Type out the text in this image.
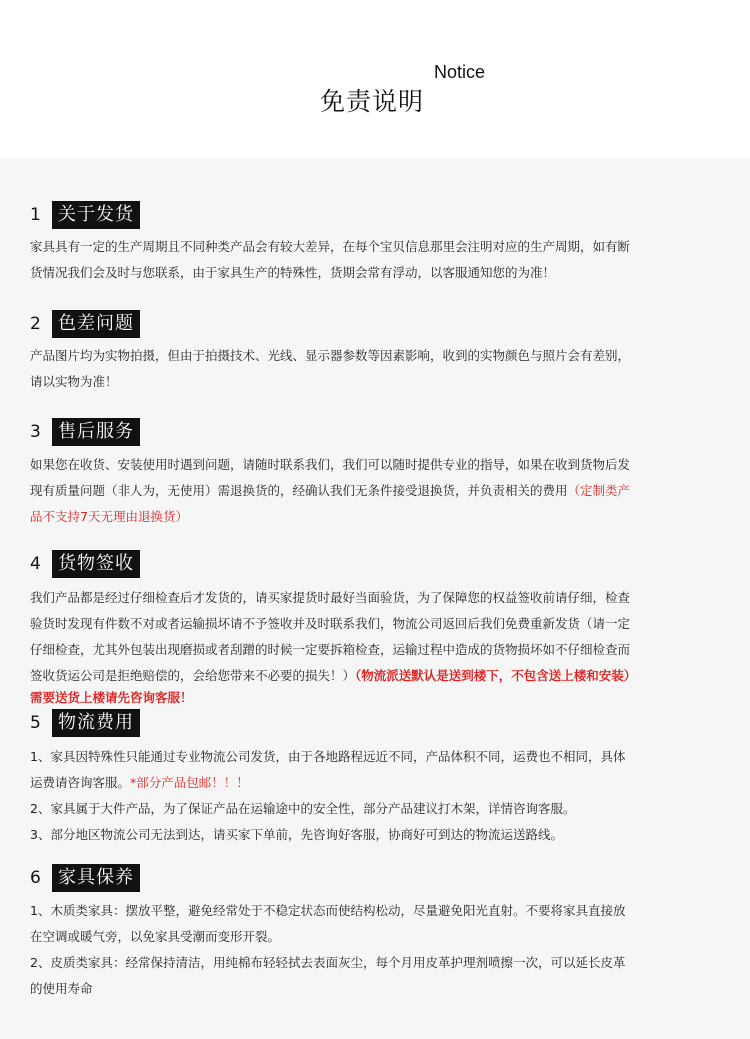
Notice
免责说明
1 关于发货
家具具有一定的生产周期且不同种类产品会有较大差异，在每个宝贝信息那里会注明对应的生产周期，如有断
货情况我们会及时与您联系，由于家具生产的特殊性，货期会常有浮动，以客服通知您的为准！
2 色差问题
产品图片均为实物拍摄，但由于拍摄技术、光线、显示器参数等因素影响，收到的实物颜色与照片会有差别，
请以实物为准！
3 售后服务
如果您在收货、安装使用时遇到问题，请随时联系我们，我们可以随时提供专业的指导，如果在收到货物后发
现有质量问题（非人为，无使用）需退换货的，经确认我们无条件接受退换货，并负责相关的费用（定制类产
品不支持7天无理由退换货）
4 货物签收
我们产品都是经过仔细检查后才发货的，请买家提货时最好当面验货，为了保障您的权益签收前请仔细，检查
验货时发现有件数不对或者运输损坏请不予签收并及时联系我们，物流公司返回后我们免费重新发货（请一定
仔细检查，尤其外包装出现磨损或者刮蹭的时候一定要拆箱检查，运输过程中造成的货物损坏如不仔细检查而
签收货运公司是拒绝赔偿的，会给您带来不必要的损失！）（物流派送默认是送到楼下，不包含送上楼和安装）
需要送货上楼请先咨询客服！
5 物流费用
1、家具因特殊性只能通过专业物流公司发货，由于各地路程远近不同，产品体积不同，运费也不相同，具体
运费请咨询客服。*部分产品包邮！！！
2、家具属于大件产品，为了保证产品在运输途中的安全性，部分产品建议打木架，详情咨询客服。
3、部分地区物流公司无法到达，请买家下单前，先咨询好客服，协商好可到达的物流运送路线。
6 家具保养
1、木质类家具：摆放平整，避免经常处于不稳定状态而使结构松动，尽量避免阳光直射。不要将家具直接放
在空调或暖气旁，以免家具受潮而变形开裂。
2、皮质类家具：经常保持清洁，用纯棉布轻轻拭去表面灰尘，每个月用皮革护理剂喷擦一次，可以延长皮革
的使用寿命
